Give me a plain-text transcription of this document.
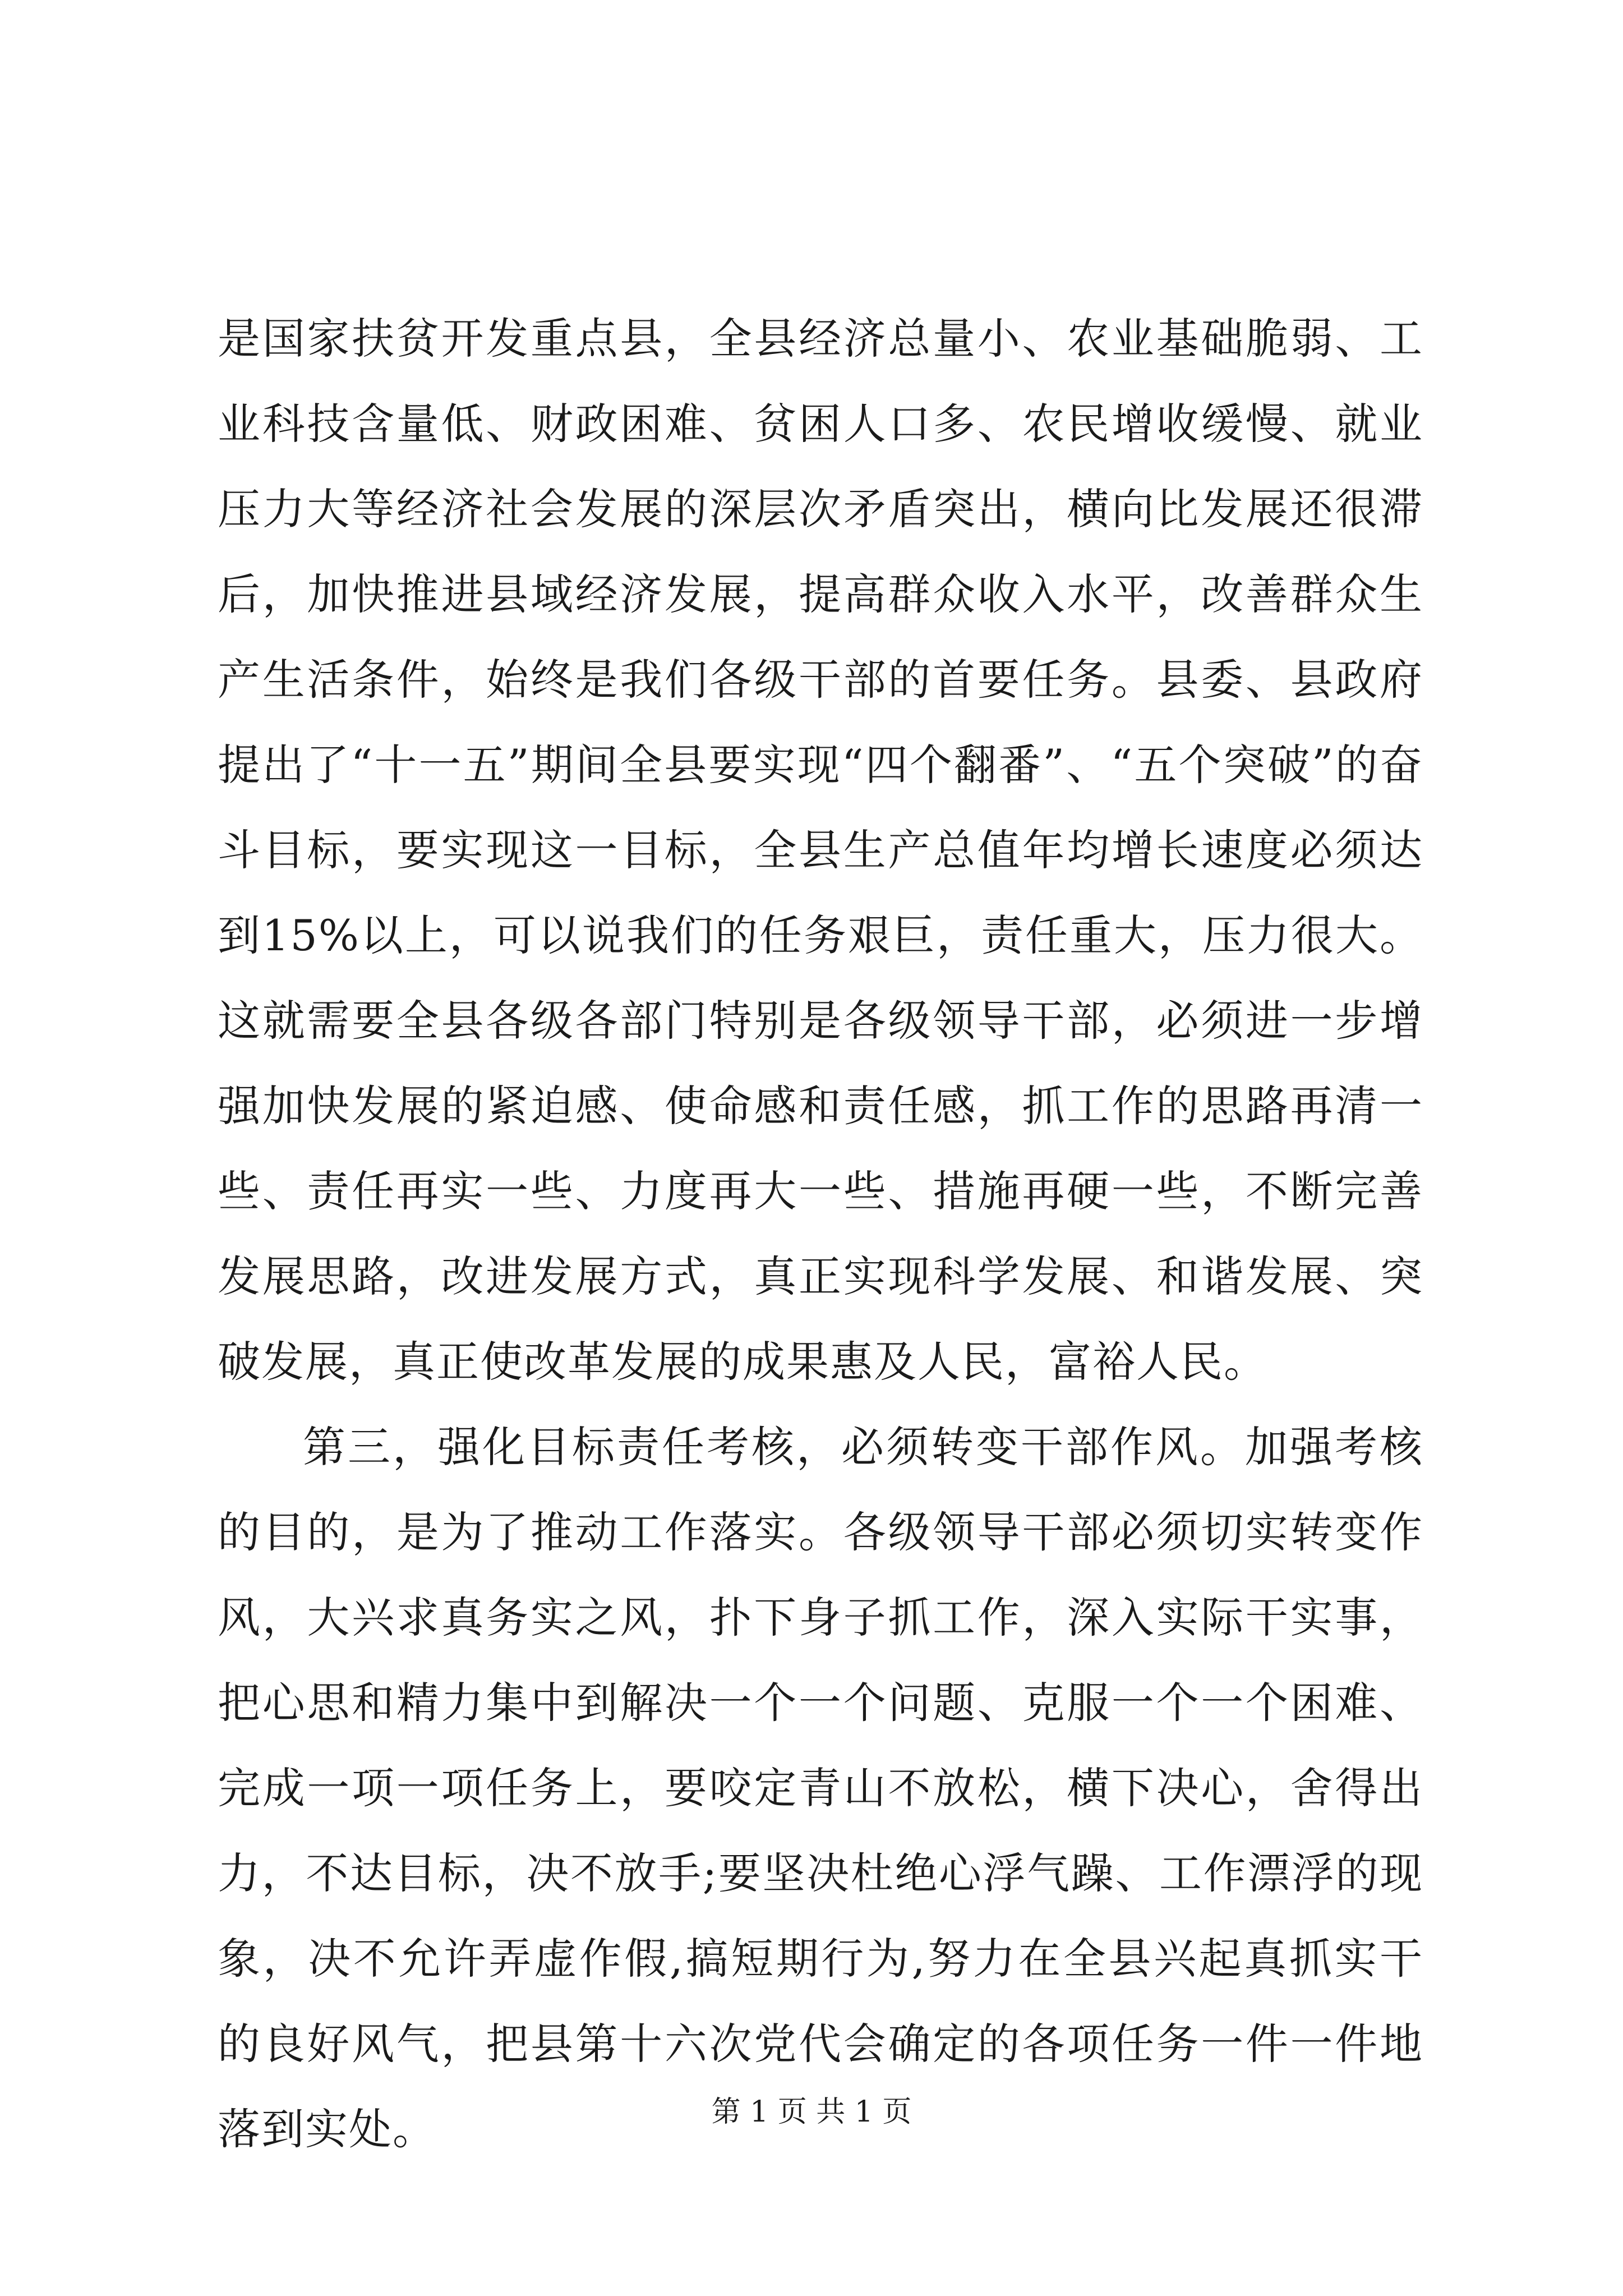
是国家扶贫开发重点县，全县经济总量小、农业基础脆弱、工业科技含量低、财政困难、贫困人口多、农民增收缓慢、就业压力大等经济社会发展的深层次矛盾突出，横向比发展还很滞后，加快推进县域经济发展，提高群众收入水平，改善群众生产生活条件，始终是我们各级干部的首要任务。县委、县政府提出了“十一五”期间全县要实现“四个翻番”、“五个突破”的奋斗目标，要实现这一目标，全县生产总值年均增长速度必须达到15%以上，可以说我们的任务艰巨，责任重大，压力很大。这就需要全县各级各部门特别是各级领导干部，必须进一步增强加快发展的紧迫感、使命感和责任感，抓工作的思路再清一些、责任再实一些、力度再大一些、措施再硬一些，不断完善发展思路，改进发展方式，真正实现科学发展、和谐发展、突破发展，真正使改革发展的成果惠及人民，富裕人民。

第三，强化目标责任考核，必须转变干部作风。加强考核的目的，是为了推动工作落实。各级领导干部必须切实转变作风，大兴求真务实之风，扑下身子抓工作，深入实际干实事，把心思和精力集中到解决一个一个问题、克服一个一个困难、完成一项一项任务上，要咬定青山不放松，横下决心，舍得出力，不达目标，决不放手;要坚决杜绝心浮气躁、工作漂浮的现象，决不允许弄虚作假,搞短期行为,努力在全县兴起真抓实干的良好风气，把县第十六次党代会确定的各项任务一件一件地落到实处。	第 1 页 共 1 页
